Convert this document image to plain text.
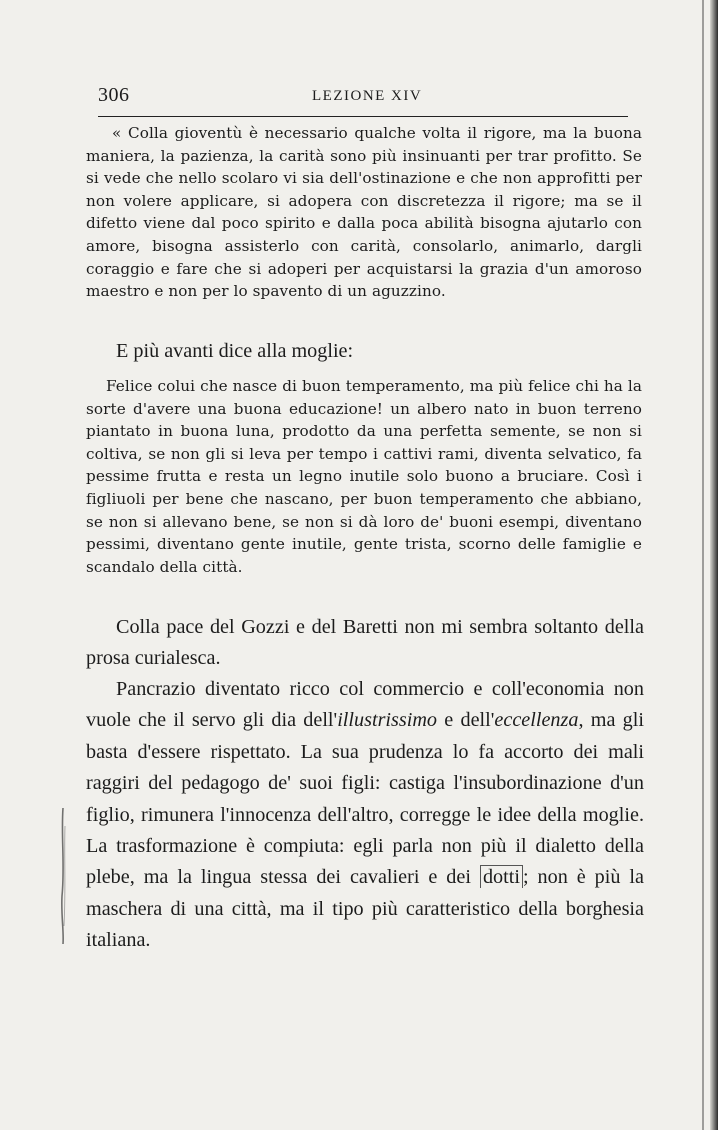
306	LEZIONE XIV

« Colla gioventù è necessario qualche volta il rigore, ma la buona maniera, la pazienza, la carità sono più insinuanti per trar profitto. Se si vede che nello scolaro vi sia dell'ostinazione e che non approfitti per non volere applicare, si adopera con discretezza il rigore; ma se il difetto viene dal poco spirito e dalla poca abilità bisogna ajutarlo con amore, bisogna assisterlo con carità, consolarlo, animarlo, dargli coraggio e fare che si adoperi per acquistarsi la grazia d'un amoroso maestro e non per lo spavento di un aguzzino.

E più avanti dice alla moglie:

Felice colui che nasce di buon temperamento, ma più felice chi ha la sorte d'avere una buona educazione! un albero nato in buon terreno piantato in buona luna, prodotto da una perfetta semente, se non si coltiva, se non gli si leva per tempo i cattivi rami, diventa selvatico, fa pessime frutta e resta un legno inutile solo buono a bruciare. Così i figliuoli per bene che nascano, per buon temperamento che abbiano, se non si allevano bene, se non si dà loro de' buoni esempi, diventano pessimi, diventano gente inutile, gente trista, scorno delle famiglie e scandalo della città.

Colla pace del Gozzi e del Baretti non mi sembra soltanto della prosa curialesca.

Pancrazio diventato ricco col commercio e coll'economia non vuole che il servo gli dia dell'illustrissimo e dell'eccellenza, ma gli basta d'essere rispettato. La sua prudenza lo fa accorto dei mali raggiri del pedagogo de' suoi figli: castiga l'insubordinazione d'un figlio, rimunera l'innocenza dell'altro, corregge le idee della moglie. La trasformazione è compiuta: egli parla non più il dialetto della plebe, ma la lingua stessa dei cavalieri e dei dotti ; non è più la maschera di una città, ma il tipo più caratteristico della borghesia italiana.
